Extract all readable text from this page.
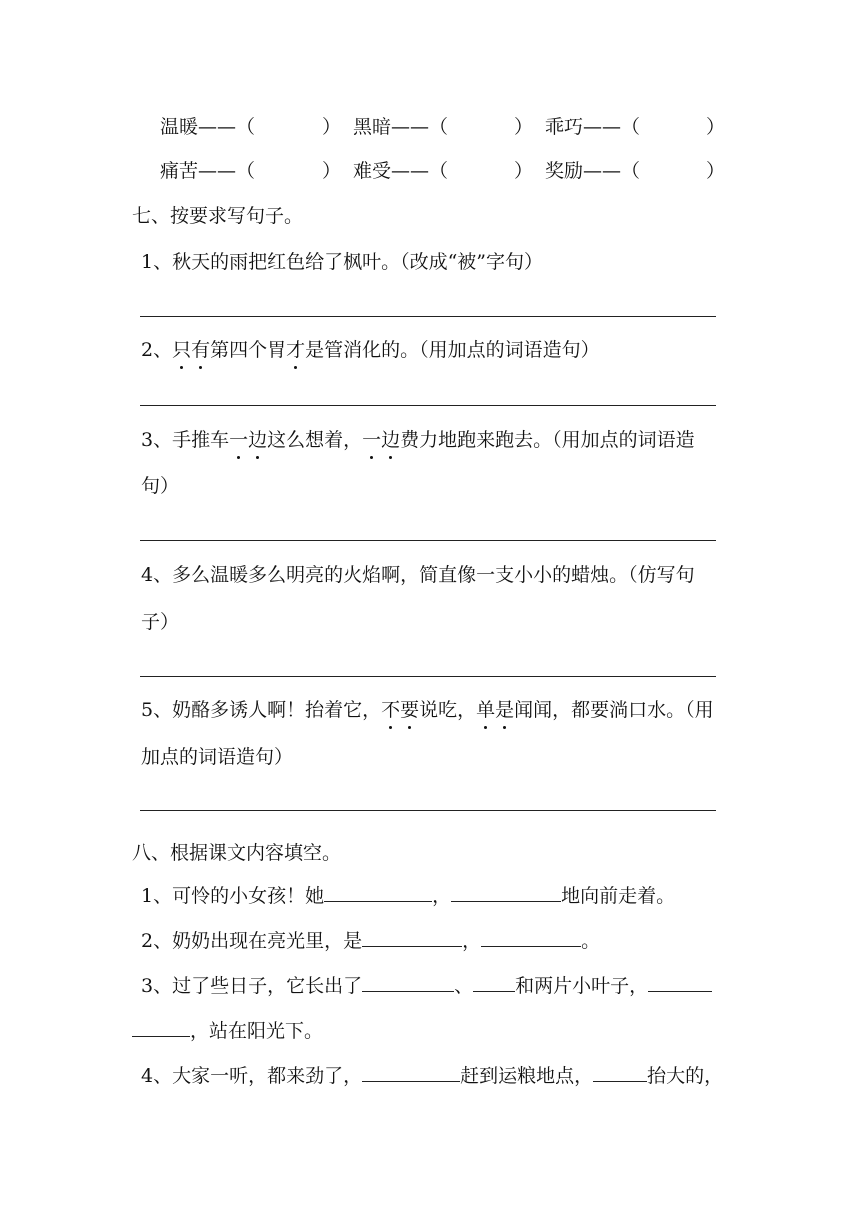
温暖——（	） 黑暗——（	） 乖巧——（	）
痛苦——（	） 难受——（	） 奖励——（	）
七、按要求写句子。
1、秋天的雨把红色给了枫叶。（改成“被”字句）
2、只有第四个胃才是管消化的。（用加点的词语造句）
3、手推车一边这么想着，一边费力地跑来跑去。（用加点的词语造
句）
4、多么温暖多么明亮的火焰啊，简直像一支小小的蜡烛。（仿写句
子）
5、奶酪多诱人啊！抬着它，不要说吃，单是闻闻，都要淌口水。（用
加点的词语造句）
八、根据课文内容填空。
1、可怜的小女孩！她	，	地向前走着。
2、奶奶出现在亮光里，是	，	。
3、过了些日子，它长出了	、 和两片小叶子，
，站在阳光下。
4、大家一听，都来劲了，	赶到运粮地点，	抬大的，
